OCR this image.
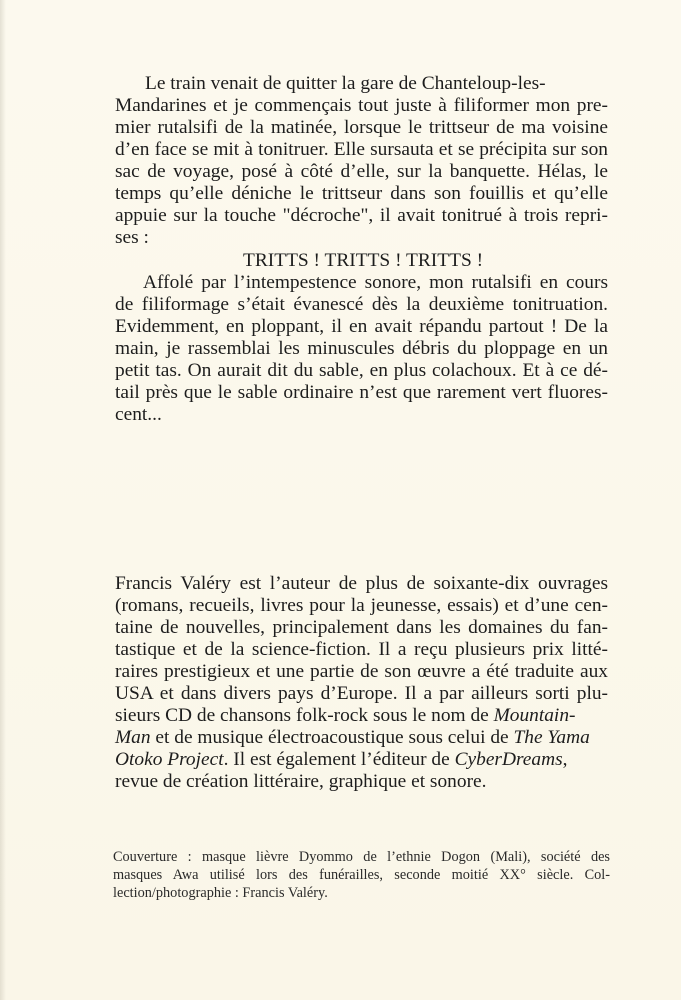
Le train venait de quitter la gare de Chanteloup-les-
Mandarines et je commençais tout juste à filiformer mon pre-
mier rutalsifi de la matinée, lorsque le trittseur de ma voisine
d’en face se mit à tonitruer. Elle sursauta et se précipita sur son
sac de voyage, posé à côté d’elle, sur la banquette. Hélas, le
temps qu’elle déniche le trittseur dans son fouillis et qu’elle
appuie sur la touche "décroche", il avait tonitrué à trois repri-
ses :
TRITTS ! TRITTS ! TRITTS !
Affolé par l’intempestence sonore, mon rutalsifi en cours
de filiformage s’était évanescé dès la deuxième tonitruation.
Evidemment, en ploppant, il en avait répandu partout ! De la
main, je rassemblai les minuscules débris du ploppage en un
petit tas. On aurait dit du sable, en plus colachoux. Et à ce dé-
tail près que le sable ordinaire n’est que rarement vert fluores-
cent...
Francis Valéry est l’auteur de plus de soixante-dix ouvrages
(romans, recueils, livres pour la jeunesse, essais) et d’une cen-
taine de nouvelles, principalement dans les domaines du fan-
tastique et de la science-fiction. Il a reçu plusieurs prix litté-
raires prestigieux et une partie de son œuvre a été traduite aux
USA et dans divers pays d’Europe. Il a par ailleurs sorti plu-
sieurs CD de chansons folk-rock sous le nom de Mountain-
Man et de musique électroacoustique sous celui de The Yama
Otoko Project. Il est également l’éditeur de CyberDreams,
revue de création littéraire, graphique et sonore.
Couverture : masque lièvre Dyommo de l’ethnie Dogon (Mali), société des
masques Awa utilisé lors des funérailles, seconde moitié XX° siècle. Col-
lection/photographie : Francis Valéry.
